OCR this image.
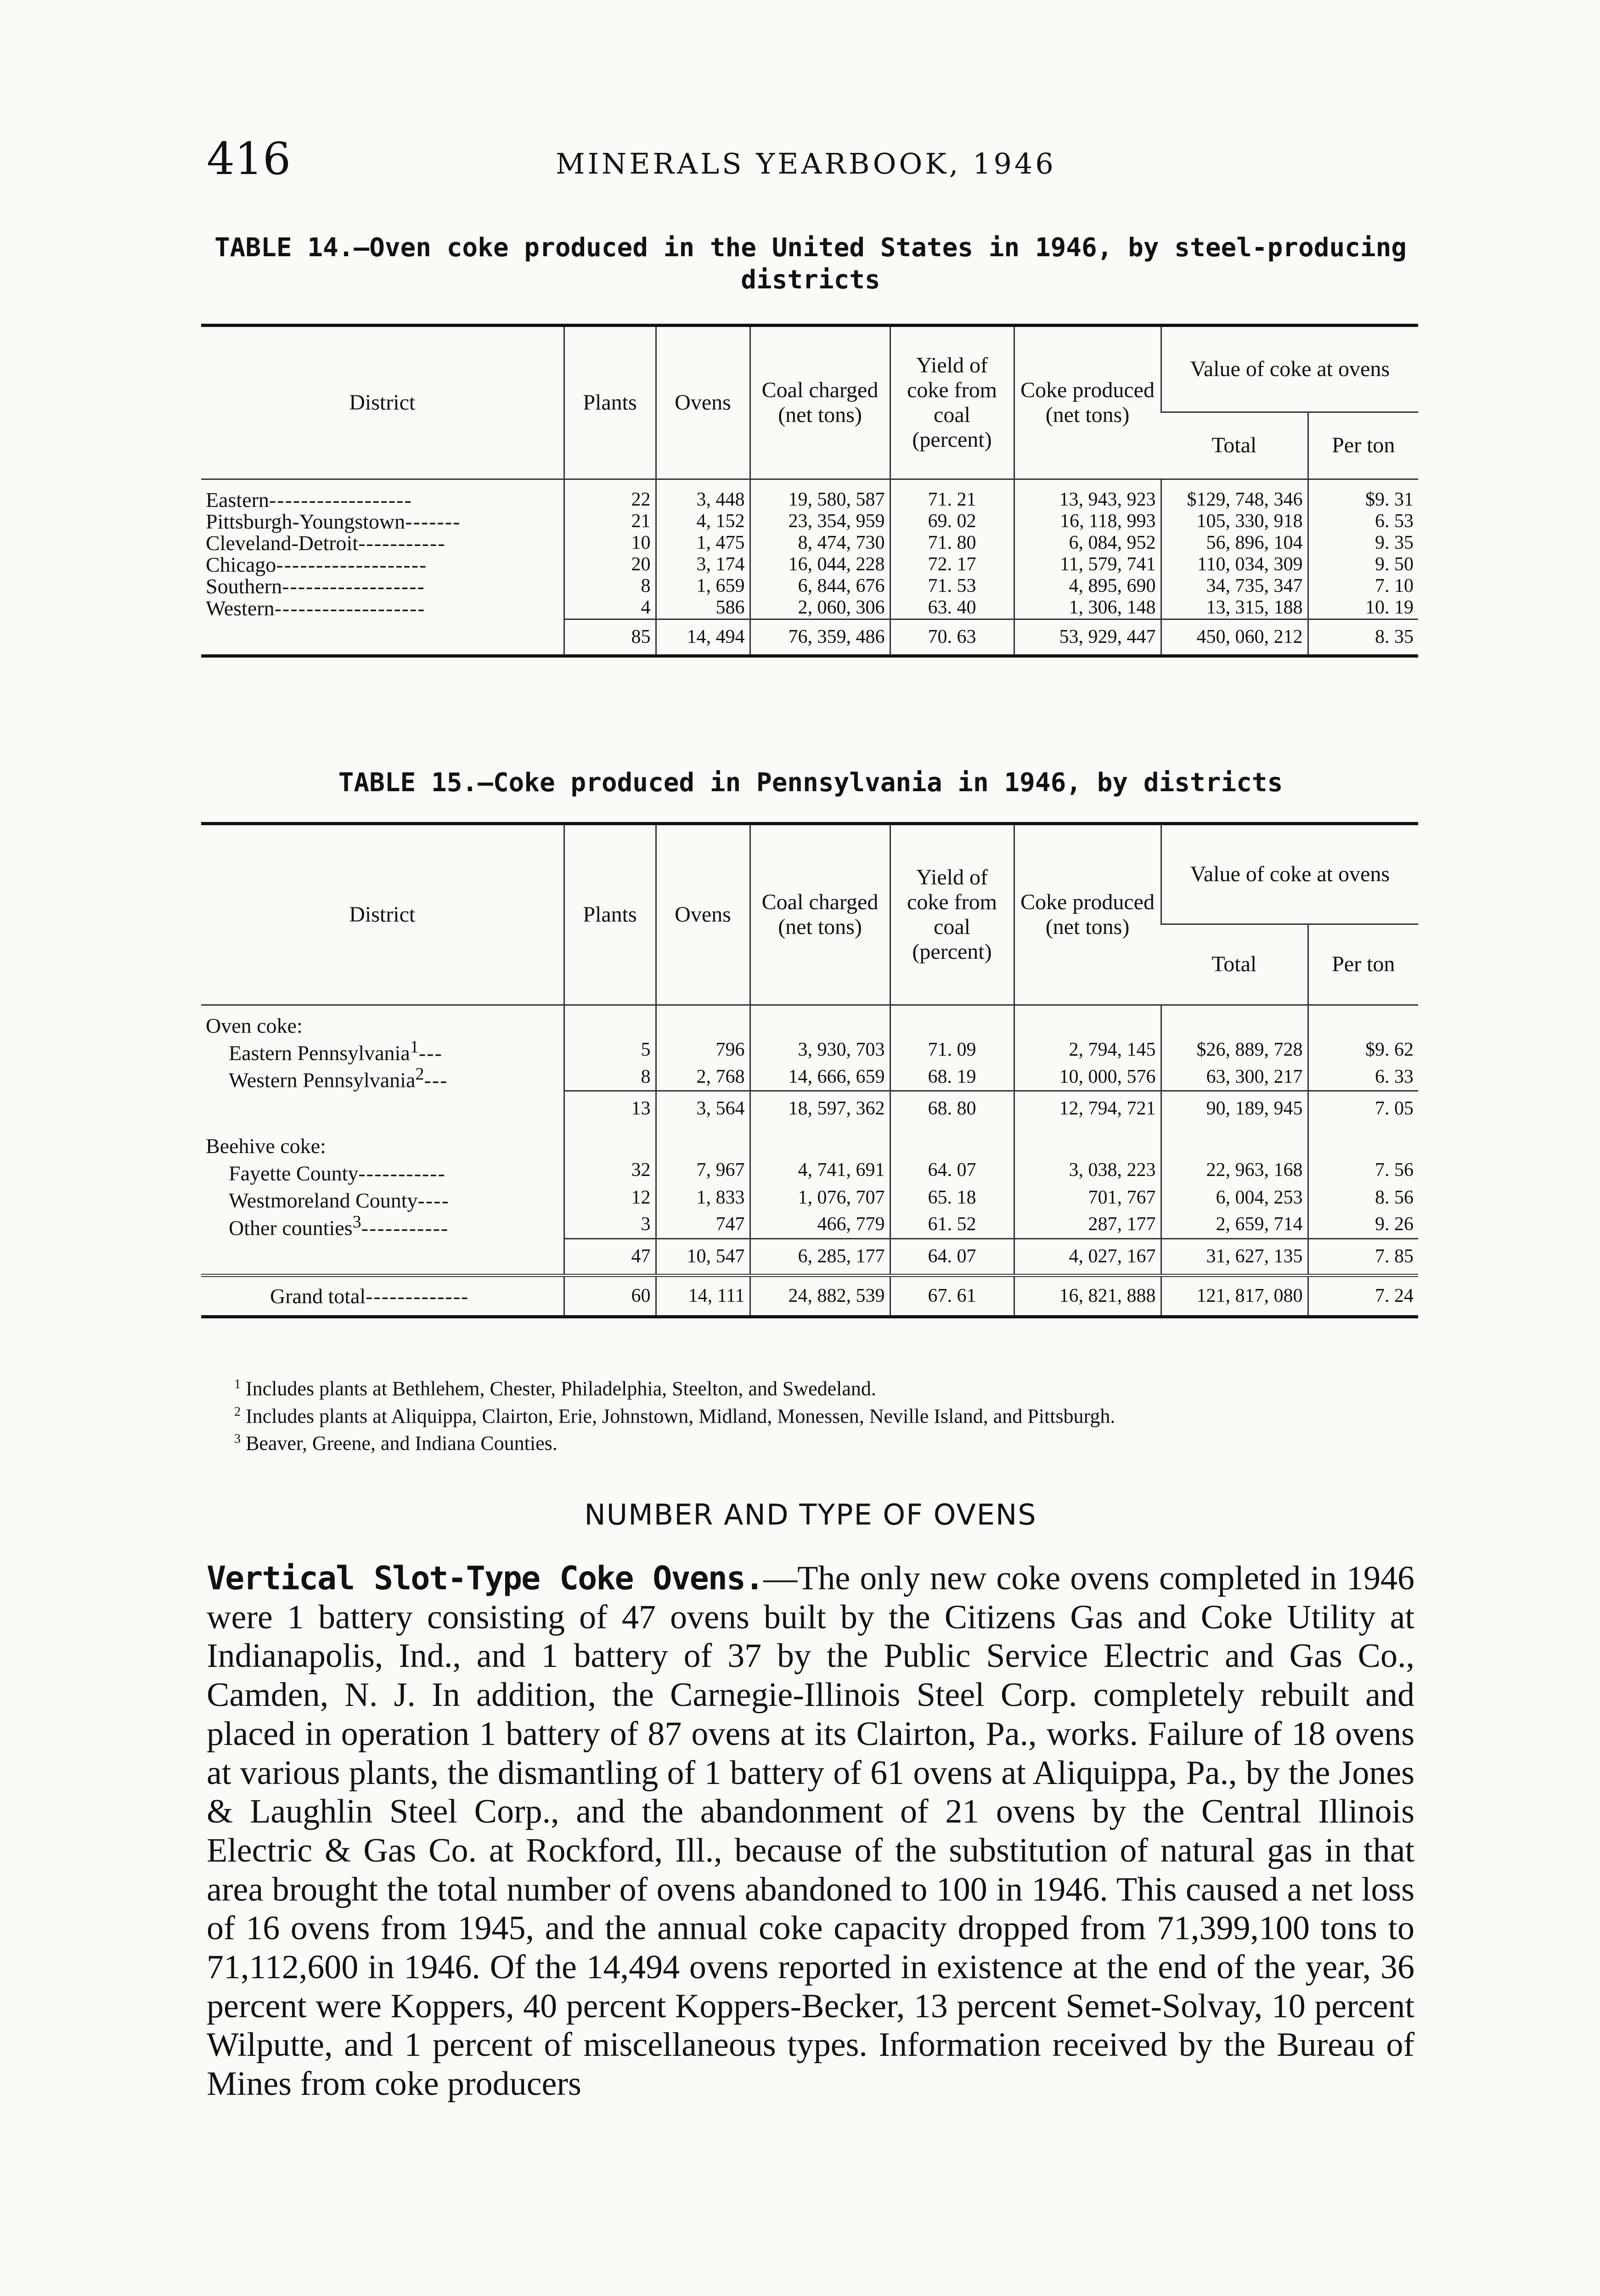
416	MINERALS YEARBOOK, 1946
TABLE 14.—Oven coke produced in the United States in 1946, by steel-producing districts
District	Plants	Ovens	Coal charged (net tons)	Yield of coke from coal (percent)	Coke produced (net tons)	Value of coke at ovens	
						Total	Per ton

Eastern------------------	22	3, 448	19, 580, 587	71. 21	13, 943, 923	$129, 748, 346	$9. 31
Pittsburgh-Youngstown-------	21	4, 152	23, 354, 959	69. 02	16, 118, 993	105, 330, 918	6. 53
Cleveland-Detroit-----------	10	1, 475	8, 474, 730	71. 80	6, 084, 952	56, 896, 104	9. 35
Chicago-------------------	20	3, 174	16, 044, 228	72. 17	11, 579, 741	110, 034, 309	9. 50
Southern------------------	8	1, 659	6, 844, 676	71. 53	4, 895, 690	34, 735, 347	7. 10
Western-------------------	4	586	2, 060, 306	63. 40	1, 306, 148	13, 315, 188	10. 19
	85	14, 494	76, 359, 486	70. 63	53, 929, 447	450, 060, 212	8. 35
TABLE 15.—Coke produced in Pennsylvania in 1946, by districts
District	Plants	Ovens	Coal charged (net tons)	Yield of coke from coal (percent)	Coke produced (net tons)	Value of coke at ovens	
						Total	Per ton

Oven coke:							
Eastern Pennsylvania$^1$---	5	796	3, 930, 703	71. 09	2, 794, 145	$26, 889, 728	$9. 62
Western Pennsylvania$^2$---	8	2, 768	14, 666, 659	68. 19	10, 000, 576	63, 300, 217	6. 33
	13	3, 564	18, 597, 362	68. 80	12, 794, 721	90, 189, 945	7. 05

Beehive coke:							
Fayette County-----------	32	7, 967	4, 741, 691	64. 07	3, 038, 223	22, 963, 168	7. 56
Westmoreland County----	12	1, 833	1, 076, 707	65. 18	701, 767	6, 004, 253	8. 56
Other counties$^3$-----------	3	747	466, 779	61. 52	287, 177	2, 659, 714	9. 26
	47	10, 547	6, 285, 177	64. 07	4, 027, 167	31, 627, 135	7. 85
Grand total-------------	60	14, 111	24, 882, 539	67. 61	16, 821, 888	121, 817, 080	7. 24

$^1$ Includes plants at Bethlehem, Chester, Philadelphia, Steelton, and Swedeland.

$^2$ Includes plants at Aliquippa, Clairton, Erie, Johnstown, Midland, Monessen, Neville Island, and Pittsburgh.

$^3$ Beaver, Greene, and Indiana Counties.

NUMBER AND TYPE OF OVENS
Vertical Slot-Type Coke Ovens.—The only new coke ovens completed in 1946 were 1 battery consisting of 47 ovens built by the Citizens Gas and Coke Utility at Indianapolis, Ind., and 1 battery of 37 by the Public Service Electric and Gas Co., Camden, N. J. In addition, the Carnegie-Illinois Steel Corp. completely rebuilt and placed in operation 1 battery of 87 ovens at its Clairton, Pa., works. Failure of 18 ovens at various plants, the dismantling of 1 battery of 61 ovens at Aliquippa, Pa., by the Jones & Laughlin Steel Corp., and the abandonment of 21 ovens by the Central Illinois Electric & Gas Co. at Rockford, Ill., because of the substitution of natural gas in that area brought the total number of ovens abandoned to 100 in 1946. This caused a net loss of 16 ovens from 1945, and the annual coke capacity dropped from 71,399,100 tons to 71,112,600 in 1946. Of the 14,494 ovens reported in existence at the end of the year, 36 percent were Koppers, 40 percent Koppers-Becker, 13 percent Semet-Solvay, 10 percent Wilputte, and 1 percent of miscellaneous types. Information received by the Bureau of Mines from coke producers
